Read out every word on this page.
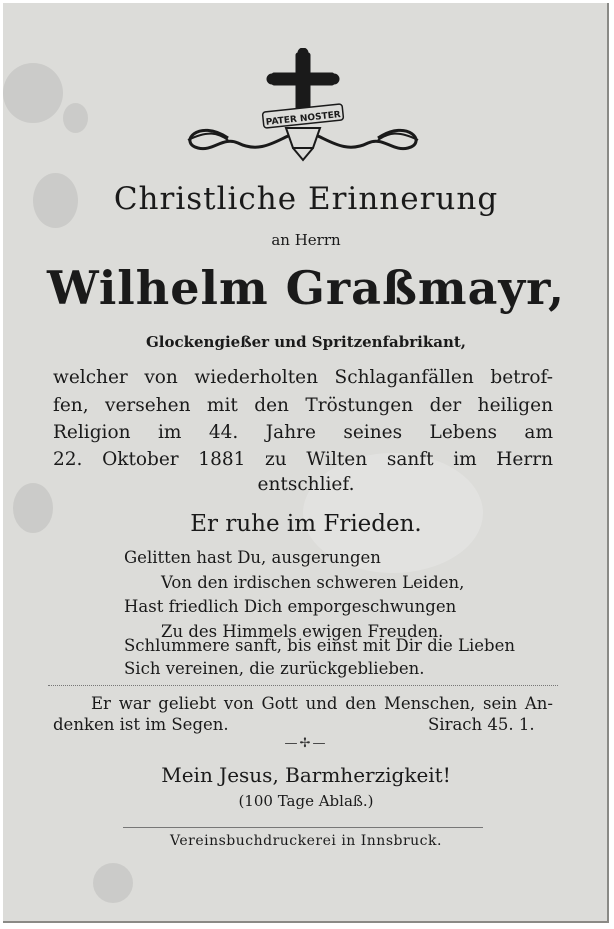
PATER NOSTER
Christliche Erinnerung
an Herrn
Wilhelm Graßmayr,
Glockengießer und Spritzenfabrikant,
welcher von wiederholten Schlaganfällen betrof-
fen, versehen mit den Tröstungen der heiligen
Religion im 44. Jahre seines Lebens am
22. Oktober 1881 zu Wilten sanft im Herrn
entschlief.
Er ruhe im Frieden.
Gelitten hast Du, ausgerungen
Von den irdischen schweren Leiden,
Hast friedlich Dich emporgeschwungen
Zu des Himmels ewigen Freuden.
Schlummere sanft, bis einst mit Dir die Lieben
Sich vereinen, die zurückgeblieben.
Er war geliebt von Gott und den Menschen, sein An-
denken ist im Segen.	Sirach 45. 1.
—✢—
Mein Jesus, Barmherzigkeit!
(100 Tage Ablaß.)
Vereinsbuchdruckerei in Innsbruck.
